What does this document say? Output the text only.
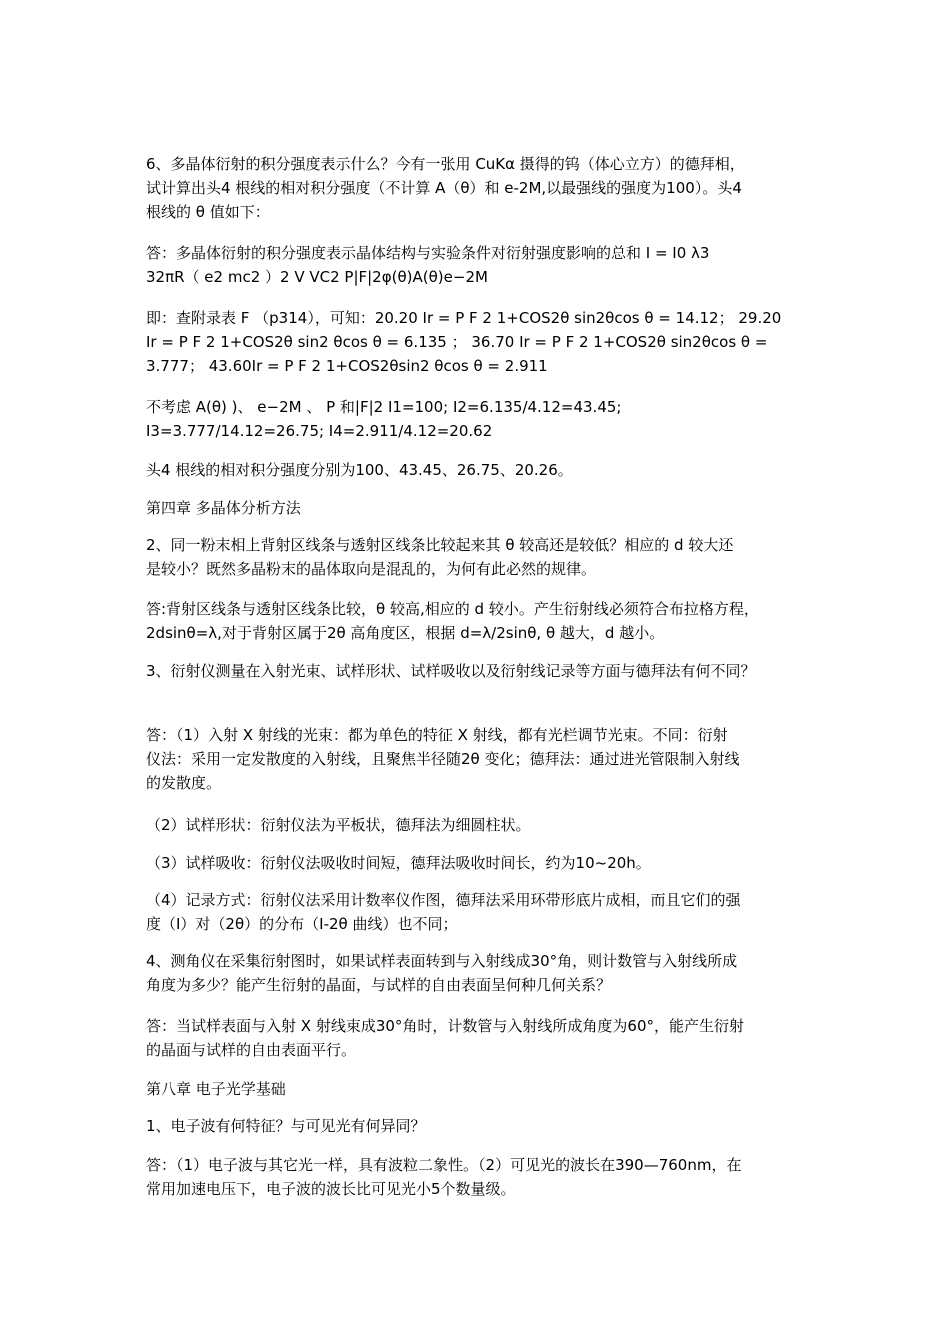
6、多晶体衍射的积分强度表示什么？今有一张用 CuKα 摄得的钨（体心立方）的德拜相，
试计算出头4 根线的相对积分强度（不计算 A（θ）和 e-2M,以最强线的强度为100）。头4
根线的 θ 值如下：
答：多晶体衍射的积分强度表示晶体结构与实验条件对衍射强度影响的总和 I = I0 λ3
32πR（ e2 mc2 ）2 V VC2 P|F|2φ(θ)A(θ)e−2M
即：查附录表 F （p314），可知：20.20 Ir = P F 2 1+COS2θ sin2θcos θ = 14.12； 29.20
Ir = P F 2 1+COS2θ sin2 θcos θ = 6.135 ； 36.70 Ir = P F 2 1+COS2θ sin2θcos θ =
3.777； 43.60Ir = P F 2 1+COS2θsin2 θcos θ = 2.911
不考虑 A(θ) )、 e−2M 、 P 和|F|2 I1=100; I2=6.135/4.12=43.45;
I3=3.777/14.12=26.75; I4=2.911/4.12=20.62
头4 根线的相对积分强度分别为100、43.45、26.75、20.26。
第四章 多晶体分析方法
2、同一粉末相上背射区线条与透射区线条比较起来其 θ 较高还是较低？相应的 d 较大还
是较小？既然多晶粉末的晶体取向是混乱的，为何有此必然的规律。
答:背射区线条与透射区线条比较，θ 较高,相应的 d 较小。产生衍射线必须符合布拉格方程，
2dsinθ=λ,对于背射区属于2θ 高角度区，根据 d=λ/2sinθ, θ 越大，d 越小。
3、衍射仪测量在入射光束、试样形状、试样吸收以及衍射线记录等方面与德拜法有何不同？
答：（1）入射 X 射线的光束：都为单色的特征 X 射线，都有光栏调节光束。不同：衍射
仪法：采用一定发散度的入射线，且聚焦半径随2θ 变化；德拜法：通过进光管限制入射线
的发散度。
（2）试样形状：衍射仪法为平板状，德拜法为细圆柱状。
（3）试样吸收：衍射仪法吸收时间短，德拜法吸收时间长，约为10~20h。
（4）记录方式：衍射仪法采用计数率仪作图，德拜法采用环带形底片成相，而且它们的强
度（I）对（2θ）的分布（I-2θ 曲线）也不同；
4、测角仪在采集衍射图时，如果试样表面转到与入射线成30°角，则计数管与入射线所成
角度为多少？能产生衍射的晶面，与试样的自由表面呈何种几何关系？
答：当试样表面与入射 X 射线束成30°角时，计数管与入射线所成角度为60°，能产生衍射
的晶面与试样的自由表面平行。
第八章 电子光学基础
1、电子波有何特征？与可见光有何异同？
答：（1）电子波与其它光一样，具有波粒二象性。（2）可见光的波长在390—760nm，在
常用加速电压下，电子波的波长比可见光小5个数量级。
